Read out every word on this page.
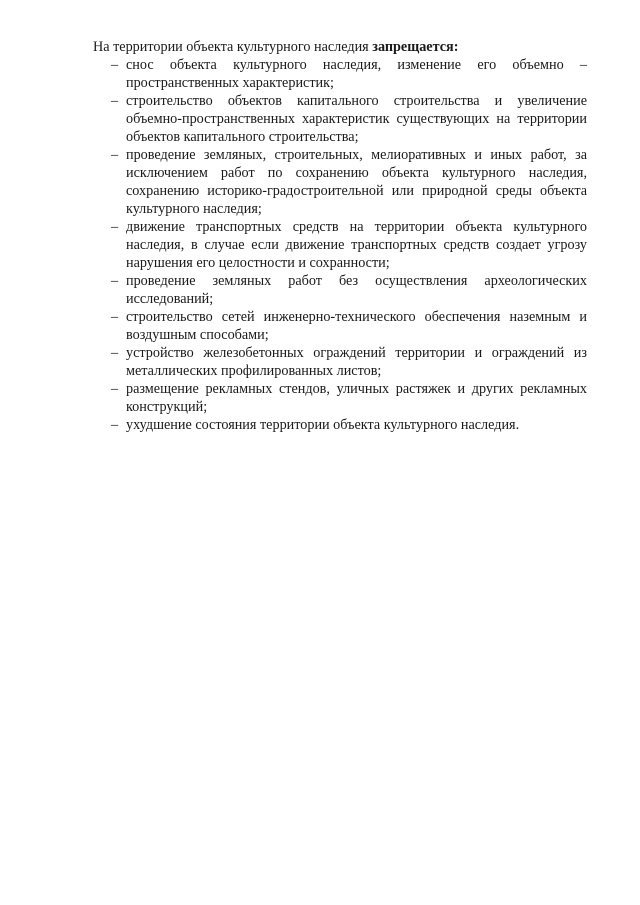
На территории объекта культурного наследия запрещается:

– снос объекта культурного наследия, изменение его объемно – пространственных характеристик;
– строительство объектов капитального строительства и увеличение объемно-пространственных характеристик существующих на территории объектов капитального строительства;
– проведение земляных, строительных, мелиоративных и иных работ, за исключением работ по сохранению объекта культурного наследия, сохранению историко-градостроительной или природной среды объекта культурного наследия;
– движение транспортных средств на территории объекта культурного наследия, в случае если движение транспортных средств создает угрозу нарушения его целостности и сохранности;
– проведение земляных работ без осуществления археологических исследований;
– строительство сетей инженерно-технического обеспечения наземным и воздушным способами;
– устройство железобетонных ограждений территории и ограждений из металлических профилированных листов;
– размещение рекламных стендов, уличных растяжек и других рекламных конструкций;
– ухудшение состояния территории объекта культурного наследия.
